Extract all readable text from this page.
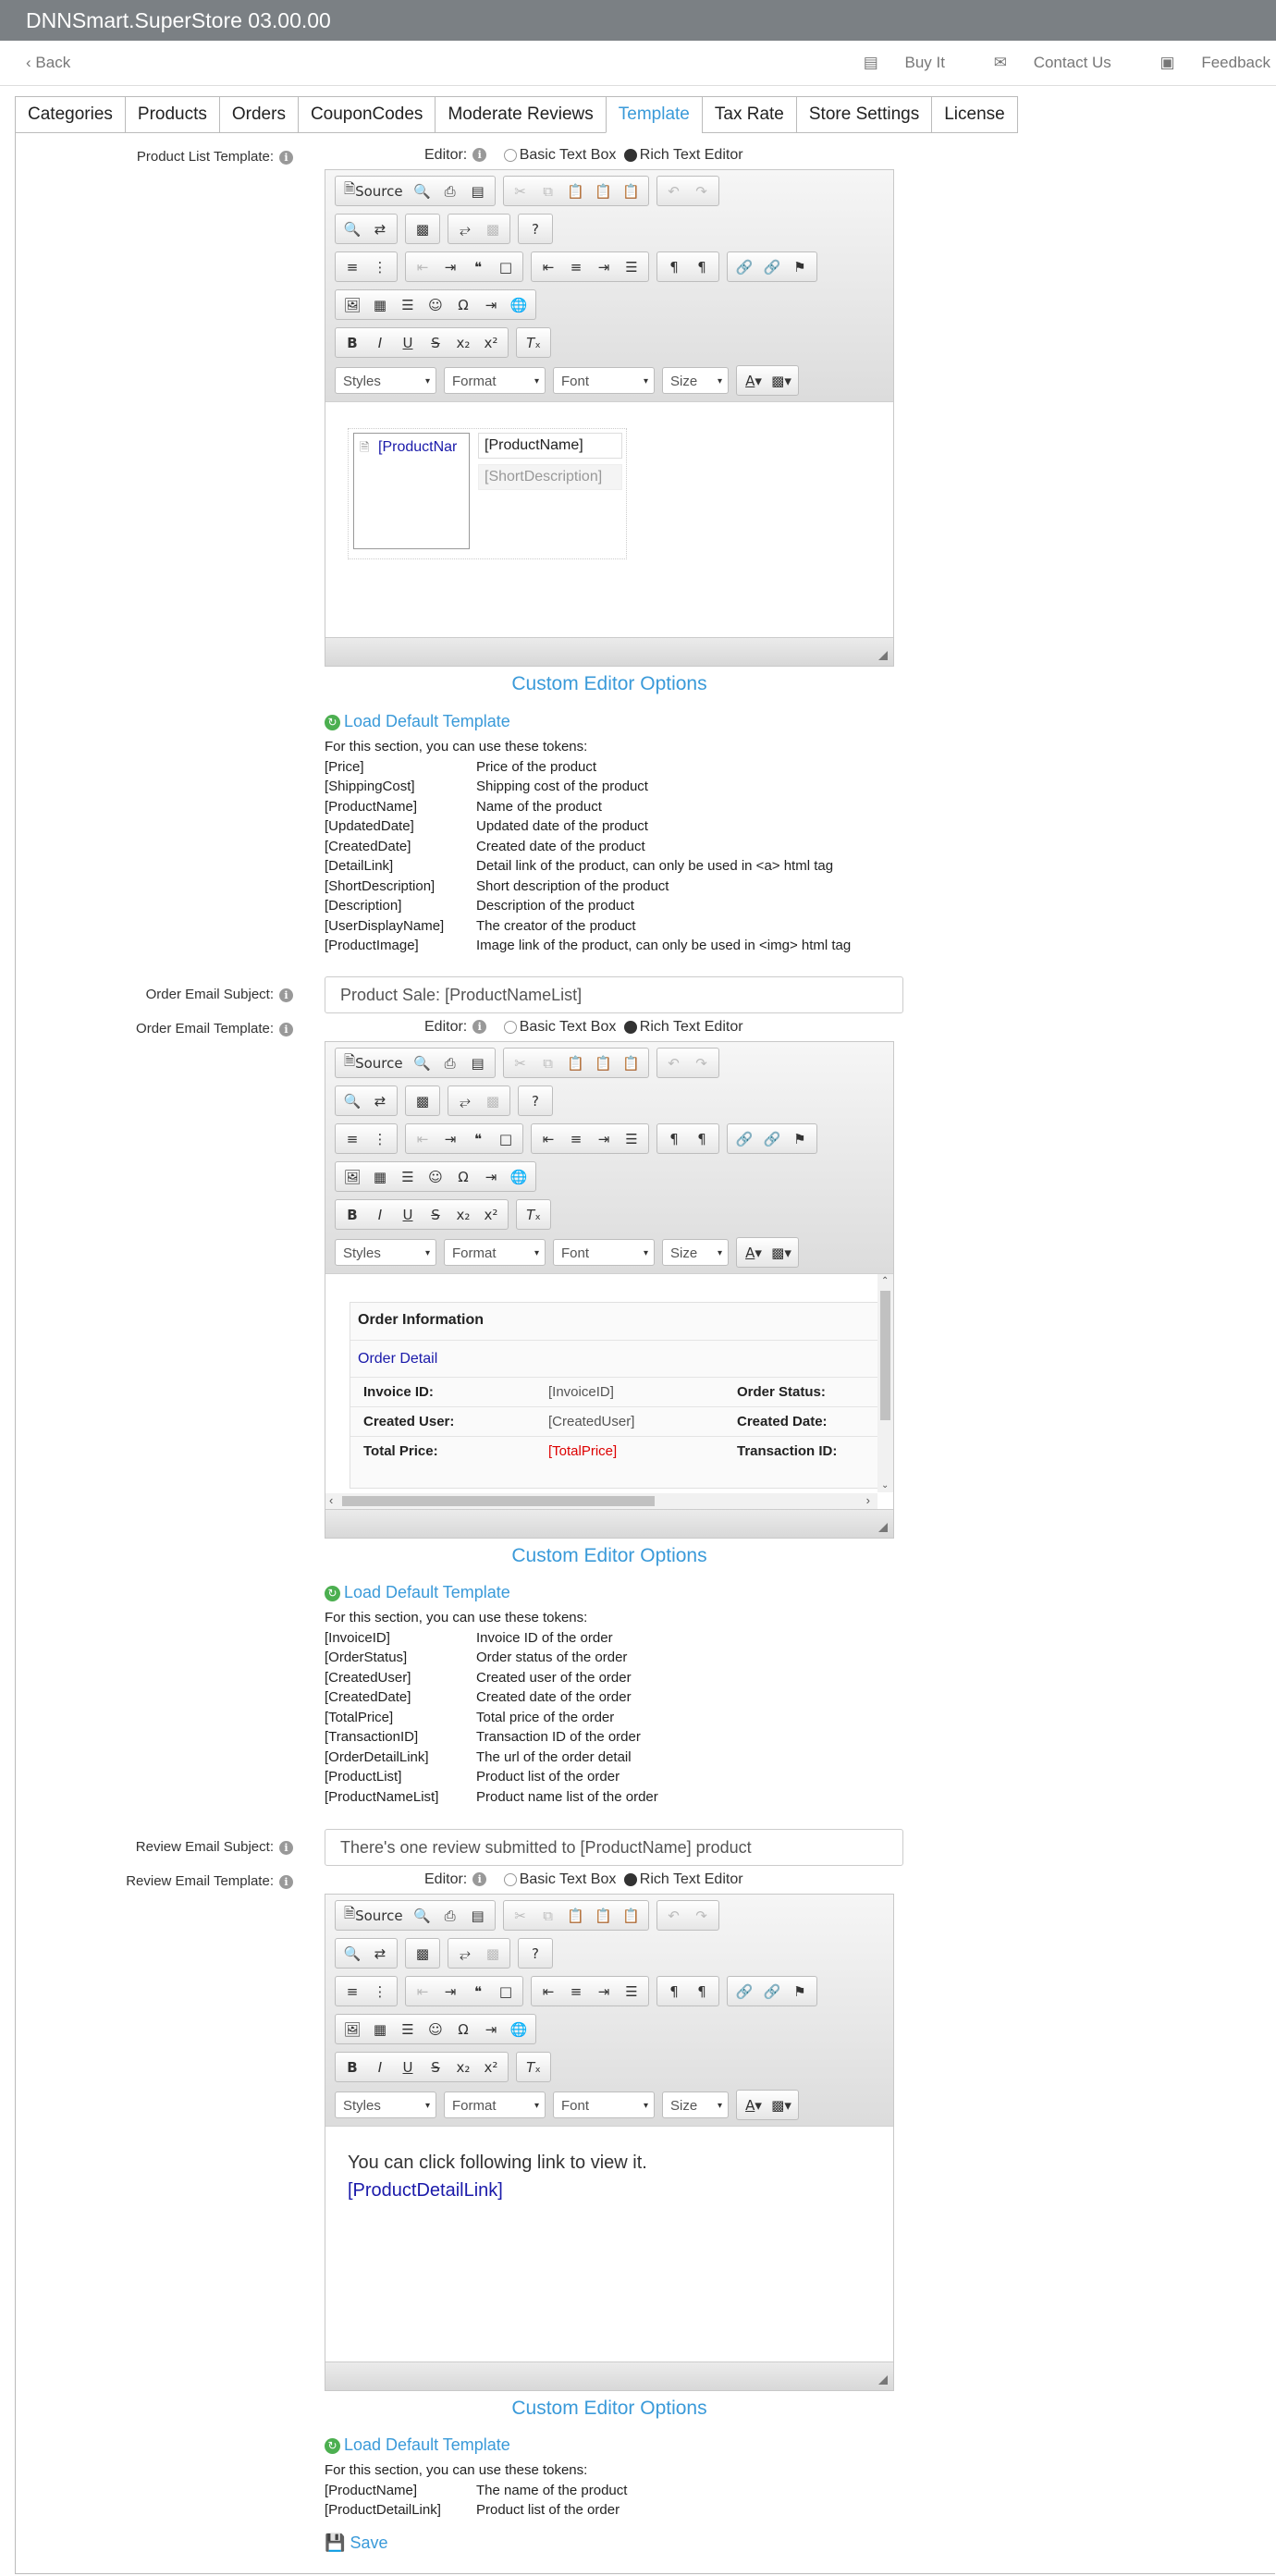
DNNSmart.SuperStore 03.00.00
‹ Back	▤ Buy It	✉ Contact Us	▣ Feedback
Categories	Products	Orders	CouponCodes	Moderate Reviews	Template	Tax Rate	Store Settings	License
Product List Template: i	Editor: i	Basic Text Box Rich Text Editor
🗎 Source 🔍 ⎙	▤	✂	⧉	📋 📋 📋	↶	↷
🔍 ⇄	▩	⥂	▩	?
≡	⋮	⇤	⇥	❝	□	⇤	≡	⇥	☰	¶	¶	🔗 🔗 ⚑
🖼 ▦	☰	☺	Ω	⇥ 🌐
B I U S	x₂	x²	T ₓ
Styles ▾	Format ▾	Font ▾	Size ▾	A ▾ ▩▾
🗎 [ProductNar	[ProductName]
[ShortDescription]
Custom Editor Options
↻ Load Default Template
For this section, you can use these tokens:
[Price]	Price of the product
[ShippingCost]	Shipping cost of the product
[ProductName]	Name of the product
[UpdatedDate]	Updated date of the product
[CreatedDate]	Created date of the product
[DetailLink]	Detail link of the product, can only be used in <a> html tag
[ShortDescription]	Short description of the product
[Description]	Description of the product
[UserDisplayName]	The creator of the product
[ProductImage]	Image link of the product, can only be used in <img> html tag
Order Email Subject: i	Product Sale: [ProductNameList]
Order Email Template: i	Editor: i	Basic Text Box Rich Text Editor
🗎 Source 🔍 ⎙	▤	✂	⧉	📋 📋 📋	↶	↷
🔍 ⇄	▩	⥂	▩	?
≡	⋮	⇤	⇥	❝	□	⇤	≡	⇥	☰	¶	¶	🔗 🔗 ⚑
🖼 ▦	☰	☺	Ω	⇥ 🌐
B I U S	x₂	x²	T ₓ
Styles ▾	Format ▾	Font ▾	Size ▾	A ▾ ▩▾
Order Information
Order Detail
Invoice ID:	[InvoiceID]	Order Status:
Created User:	[CreatedUser]	Created Date:
Total Price:	[TotalPrice]	Transaction ID:
⌃
⌄
‹	›
Custom Editor Options
↻ Load Default Template
For this section, you can use these tokens:
[InvoiceID]	Invoice ID of the order
[OrderStatus]	Order status of the order
[CreatedUser]	Created user of the order
[CreatedDate]	Created date of the order
[TotalPrice]	Total price of the order
[TransactionID]	Transaction ID of the order
[OrderDetailLink]	The url of the order detail
[ProductList]	Product list of the order
[ProductNameList]	Product name list of the order
Review Email Subject: i	There's one review submitted to [ProductName] product
Review Email Template: i	Editor: i	Basic Text Box Rich Text Editor
🗎 Source 🔍 ⎙	▤	✂	⧉	📋 📋 📋	↶	↷
🔍 ⇄	▩	⥂	▩	?
≡	⋮	⇤	⇥	❝	□	⇤	≡	⇥	☰	¶	¶	🔗 🔗 ⚑
🖼 ▦	☰	☺	Ω	⇥ 🌐
B I U S	x₂	x²	T ₓ
Styles ▾	Format ▾	Font ▾	Size ▾	A ▾ ▩▾
You can click following link to view it.
[ProductDetailLink]
Custom Editor Options
↻ Load Default Template
For this section, you can use these tokens:
[ProductName]	The name of the product
[ProductDetailLink]	Product list of the order
💾 Save
